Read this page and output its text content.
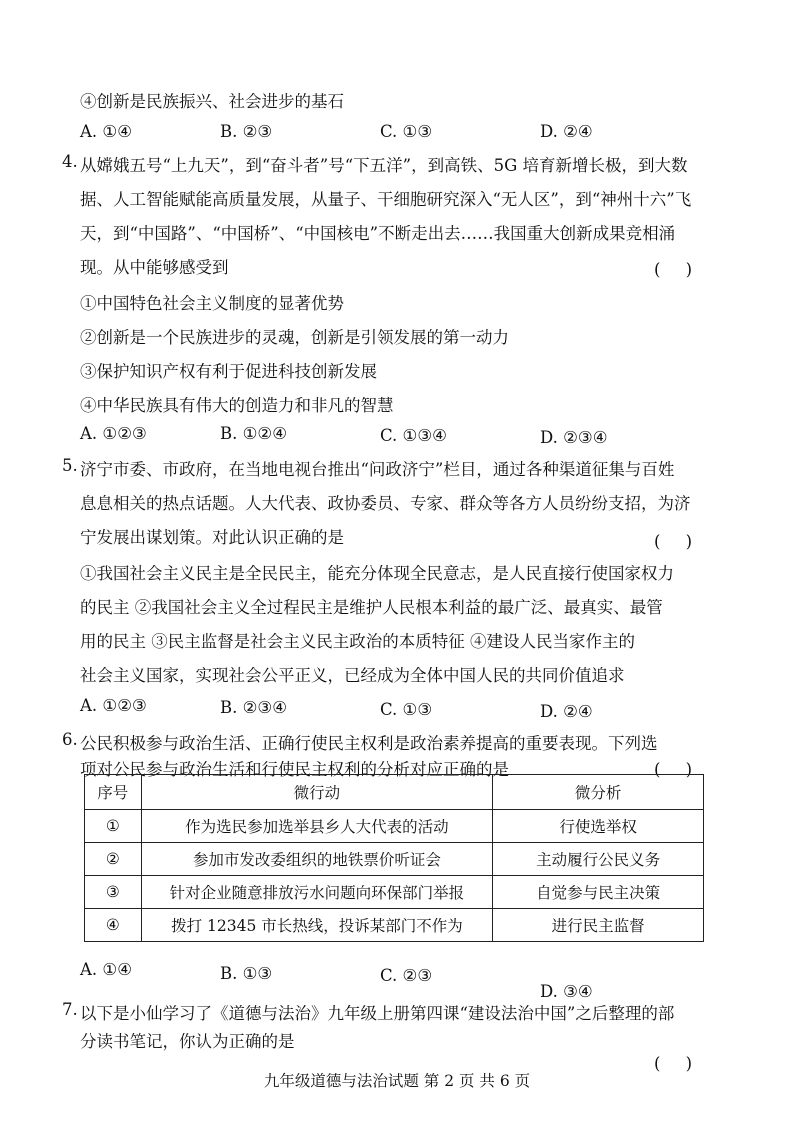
④创新是民族振兴、社会进步的基石
A. ①④	B. ②③	C. ①③	D. ②④
4. 从嫦娥五号“上九天”，到“奋斗者”号“下五洋”，到高铁、5G 培育新增长极，到大数
据、人工智能赋能高质量发展，从量子、干细胞研究深入“无人区”，到“神州十六”飞
天，到“中国路”、“中国桥”、“中国核电”不断走出去……我国重大创新成果竞相涌
现。从中能够感受到	( )
①中国特色社会主义制度的显著优势
②创新是一个民族进步的灵魂，创新是引领发展的第一动力
③保护知识产权有利于促进科技创新发展
④中华民族具有伟大的创造力和非凡的智慧
A. ①②③	B. ①②④	C. ①③④	D. ②③④
5. 济宁市委、市政府，在当地电视台推出“问政济宁”栏目，通过各种渠道征集与百姓
息息相关的热点话题。人大代表、政协委员、专家、群众等各方人员纷纷支招，为济
宁发展出谋划策。对此认识正确的是	( )
①我国社会主义民主是全民民主，能充分体现全民意志，是人民直接行使国家权力
的民主 ②我国社会主义全过程民主是维护人民根本利益的最广泛、最真实、最管
用的民主 ③民主监督是社会主义民主政治的本质特征 ④建设人民当家作主的
社会主义国家，实现社会公平正义，已经成为全体中国人民的共同价值追求
A. ①②③	B. ②③④	C. ①③	D. ②④
6. 公民积极参与政治生活、正确行使民主权利是政治素养提高的重要表现。下列选
项对公民参与政治生活和行使民主权利的分析对应正确的是	( )
序号	微行动	微分析
①	作为选民参加选举县乡人大代表的活动	行使选举权
②	参加市发改委组织的地铁票价听证会	主动履行公民义务
③	针对企业随意排放污水问题向环保部门举报	自觉参与民主决策
④	拨打 12345 市长热线，投诉某部门不作为	进行民主监督
A. ①④	B. ①③	C. ②③
D. ③④
7. 以下是小仙学习了《道德与法治》九年级上册第四课“建设法治中国”之后整理的部
分读书笔记，你认为正确的是
( )
九年级道德与法治试题 第 2 页 共 6 页
